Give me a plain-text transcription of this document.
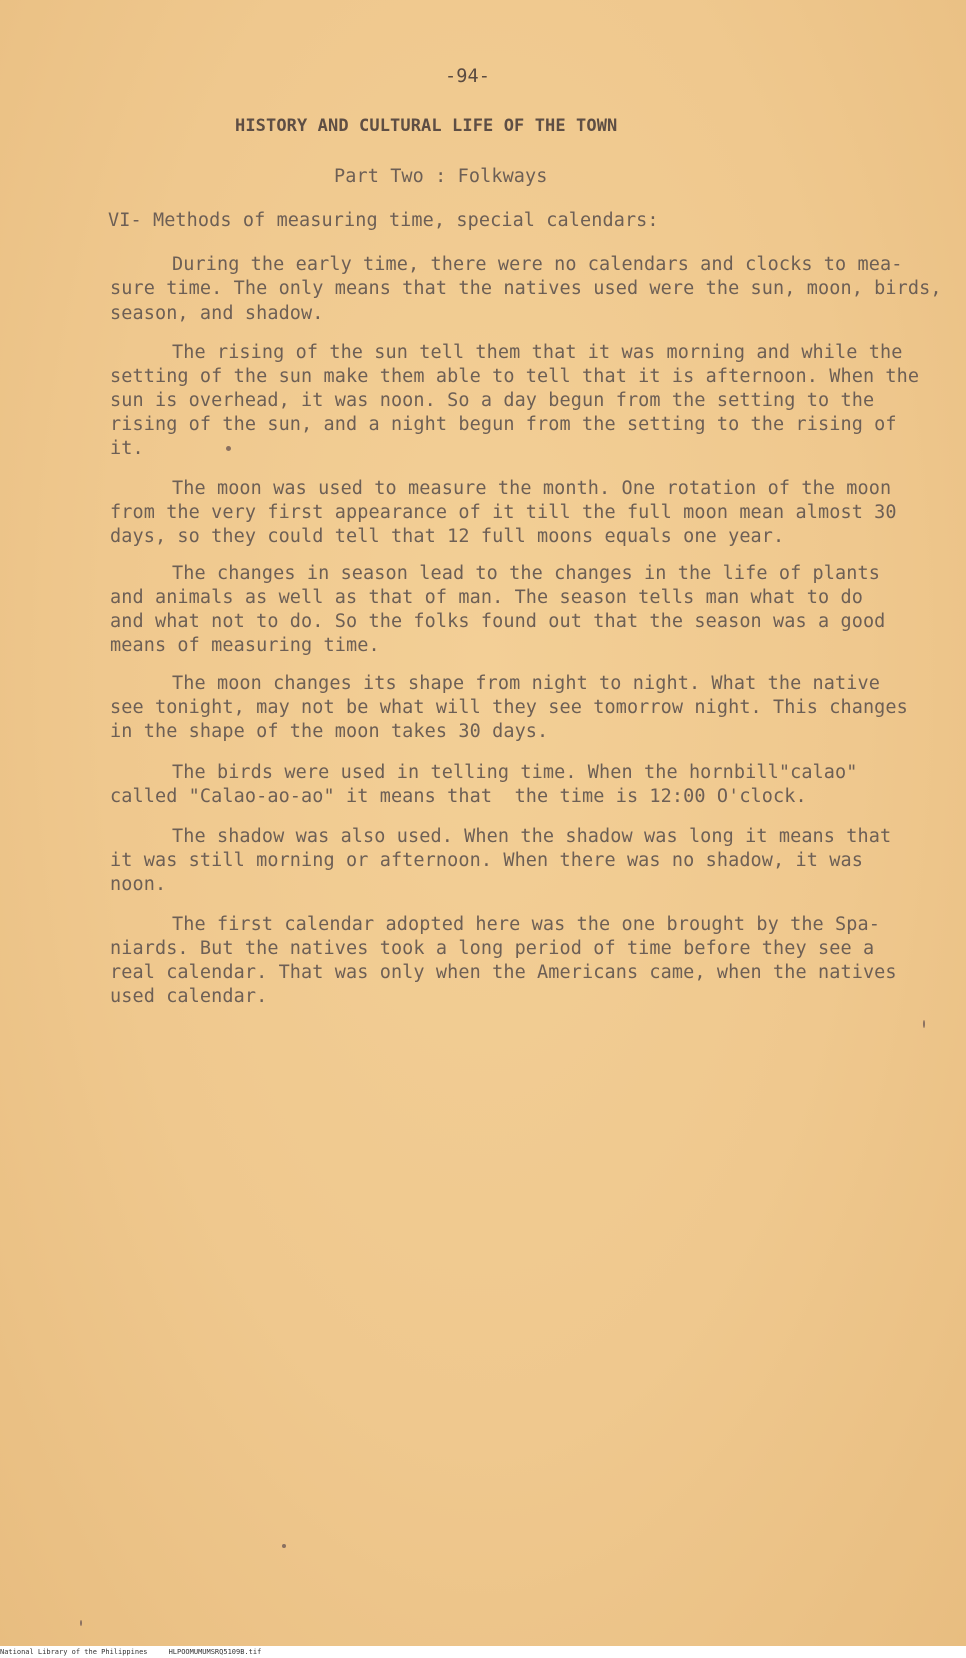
-94-
HISTORY AND CULTURAL LIFE OF THE TOWN
Part Two : Folkways
VI- Methods of measuring time, special calendars:
During the early time, there were no calendars and clocks to mea-
sure time. The only means that the natives used were the sun, moon, birds,
season, and shadow.
The rising of the sun tell them that it was morning and while the
setting of the sun make them able to tell that it is afternoon. When the
sun is overhead, it was noon. So a day begun from the setting to the
rising of the sun, and a night begun from the setting to the rising of
it.
The moon was used to measure the month. One rotation of the moon
from the very first appearance of it till the full moon mean almost 30
days, so they could tell that 12 full moons equals one year.
The changes in season lead to the changes in the life of plants
and animals as well as that of man. The season tells man what to do
and what not to do. So the folks found out that the season was a good
means of measuring time.
The moon changes its shape from night to night. What the native
see tonight, may not be what will they see tomorrow night. This changes
in the shape of the moon takes 30 days.
The birds were used in telling time. When the hornbill"calao"
called "Calao-ao-ao" it means that  the time is 12:00 O'clock.
The shadow was also used. When the shadow was long it means that
it was still morning or afternoon. When there was no shadow, it was
noon.
The first calendar adopted here was the one brought by the Spa-
niards. But the natives took a long period of time before they see a
real calendar. That was only when the Americans came, when the natives
used calendar.
National Library of the Philippines     HLPOOMUMUMSRQ5109B.tif
